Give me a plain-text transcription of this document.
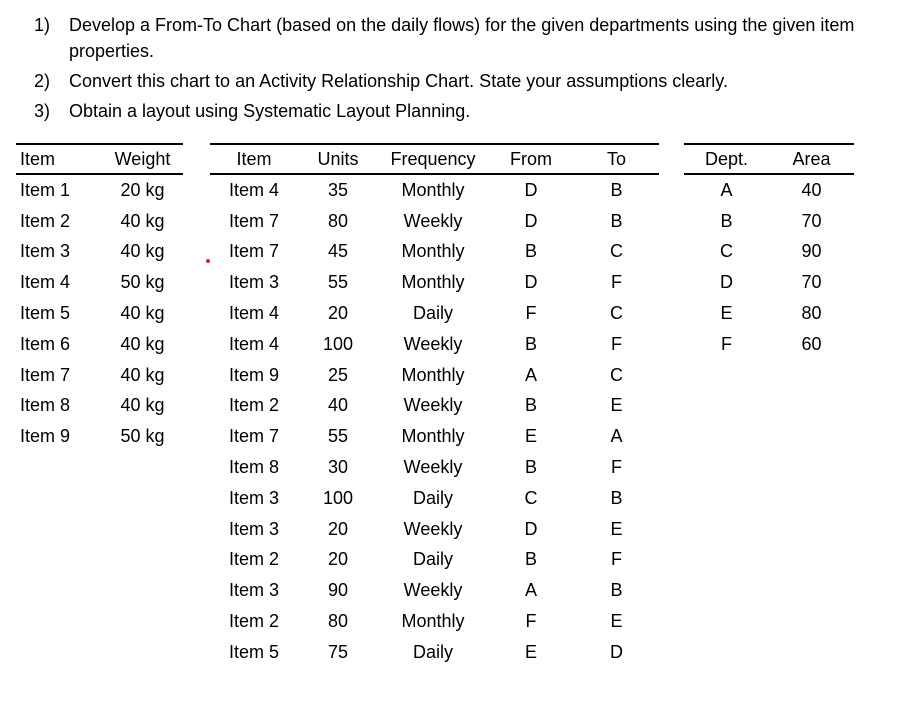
1)	Develop a From-To Chart (based on the daily flows) for the given departments using the given item properties.
2)	Convert this chart to an Activity Relationship Chart. State your assumptions clearly.
3)	Obtain a layout using Systematic Layout Planning.
Item	Weight
Item 1	20 kg
Item 2	40 kg
Item 3	40 kg
Item 4	50 kg
Item 5	40 kg
Item 6	40 kg
Item 7	40 kg
Item 8	40 kg
Item 9	50 kg
Item	Units	Frequency	From	To
Item 4	35	Monthly	D	B
Item 7	80	Weekly	D	B
Item 7	45	Monthly	B	C
Item 3	55	Monthly	D	F
Item 4	20	Daily	F	C
Item 4	100	Weekly	B	F
Item 9	25	Monthly	A	C
Item 2	40	Weekly	B	E
Item 7	55	Monthly	E	A
Item 8	30	Weekly	B	F
Item 3	100	Daily	C	B
Item 3	20	Weekly	D	E
Item 2	20	Daily	B	F
Item 3	90	Weekly	A	B
Item 2	80	Monthly	F	E
Item 5	75	Daily	E	D
Dept.	Area
A	40
B	70
C	90
D	70
E	80
F	60
